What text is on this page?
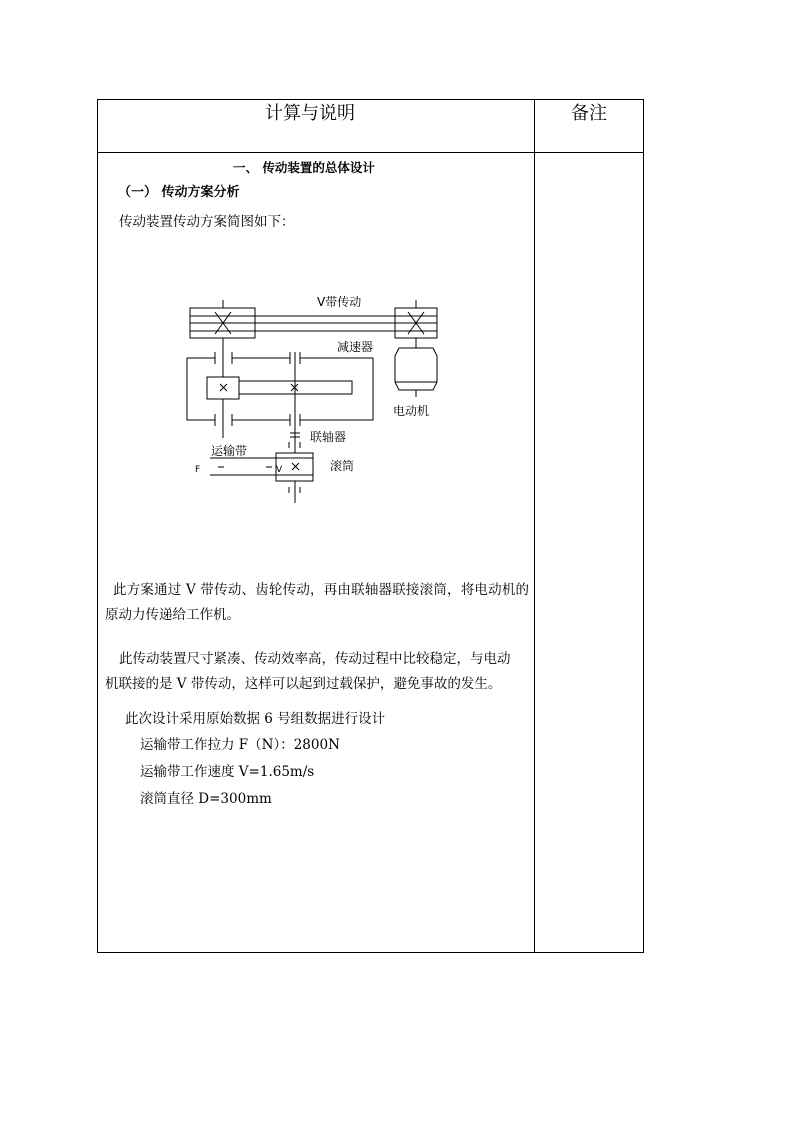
计算与说明	备注
一、 传动装置的总体设计
（一） 传动方案分析
传动装置传动方案简图如下：
V带传动
减速器
电动机
联轴器
运输带
F	V	滚筒
此方案通过 V 带传动、齿轮传动，再由联轴器联接滚筒，将电动机的
原动力传递给工作机。
此传动装置尺寸紧凑、传动效率高，传动过程中比较稳定，与电动
机联接的是 V 带传动，这样可以起到过载保护，避免事故的发生。
此次设计采用原始数据 6 号组数据进行设计
运输带工作拉力 F（N）：2800N
运输带工作速度 V=1.65m/s
滚筒直径 D=300mm
